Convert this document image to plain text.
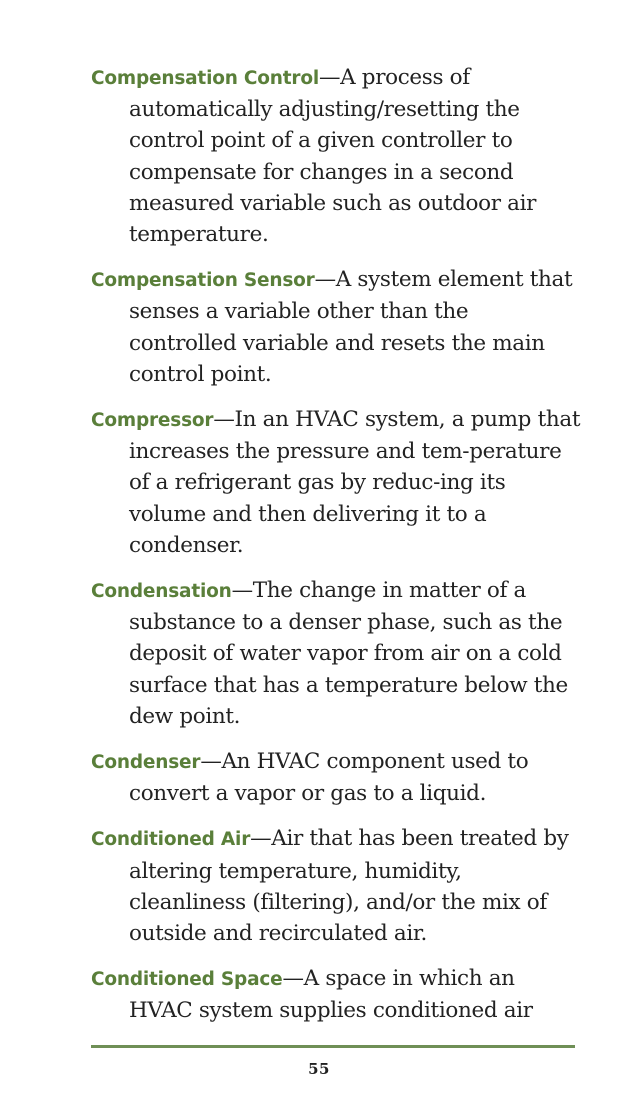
Compensation Control—A process of automatically adjusting/resetting the control point of a given controller to compensate for changes in a second measured variable such as outdoor air temperature.

Compensation Sensor—A system element that senses a variable other than the controlled variable and resets the main control point.

Compressor—In an HVAC system, a pump that increases the pressure and tem-perature of a refrigerant gas by reduc-ing its volume and then delivering it to a condenser.

Condensation—The change in matter of a substance to a denser phase, such as the deposit of water vapor from air on a cold surface that has a temperature below the dew point.

Condenser—An HVAC component used to convert a vapor or gas to a liquid.

Conditioned Air—Air that has been treated by altering temperature, humidity, cleanliness (filtering), and/or the mix of outside and recirculated air.

Conditioned Space—A space in which an HVAC system supplies conditioned air

55
